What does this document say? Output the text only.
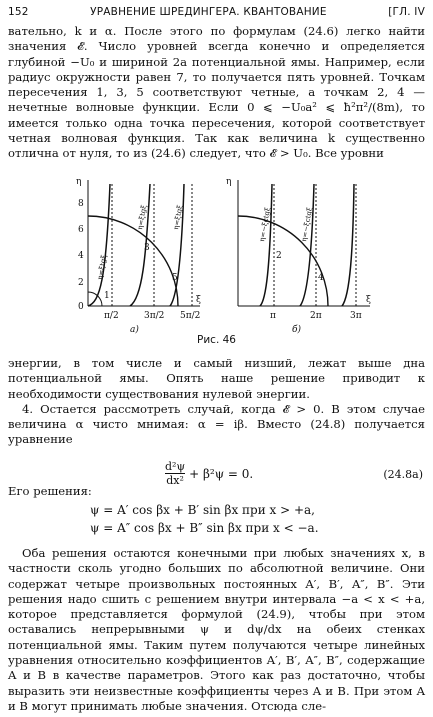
152	УРАВНЕНИЕ ШРЕДИНГЕРА. КВАНТОВАНИЕ	[ГЛ. IV
вательно, k и α. После этого по формулам (24.6) легко найти значения 𝓔. Число уровней всегда конечно и определяется глубиной −U₀ и шириной 2a потенциальной ямы. Например, если радиус окружности равен 7, то получается пять уровней. Точкам пересечения 1, 3, 5 соответствуют четные, а точкам 2, 4 — нечетные волновые функции. Если 0 ⩽ −U₀a² ⩽ ħ²π²/(8m), то имеется только одна точка пересечения, которой соответствует четная волновая функция. Так как величина k существенно отлична от нуля, то из (24.6) следует, что 𝓔 > U₀. Все уровни
η
0
2
4
6
8
π/2	3π/2 5π/2
ξ
1
3
5
а)
η=ξtgξ
η=ξtgξ	η=ξtgξ
η
π	2π	3π
ξ
2
4
б)
η=−ξctgξ	η=−ξctgξ
Рис. 46
энергии, в том числе и самый низший, лежат выше дна потенциальной ямы. Опять наше решение приводит к необходимости существования нулевой энергии.
4. Остается рассмотреть случай, когда 𝓔 > 0. В этом случае величина α чисто мнимая: α = iβ. Вместо (24.8) получается уравнение
$\frac{\text{d²ψ}}{\text{dx²}} + \beta^2\psi = 0$.	(24.8а)
Его решения:
ψ = A′ cos βx + B′ sin βx при x > +a,
ψ = A″ cos βx + B″ sin βx при x < −a.
Оба решения остаются конечными при любых значениях x, в частности сколь угодно больших по абсолютной величине. Они содержат четыре произвольных постоянных A′, B′, A″, B″. Эти решения надо сшить с решением внутри интервала −a < x < +a, которое представляется формулой (24.9), чтобы при этом оставались непрерывными ψ и dψ/dx на обеих стенках потенциальной ямы. Таким путем получаются четыре линейных уравнения относительно коэффициентов A′, B′, A″, B″, содержащие A и B в качестве параметров. Этого как раз достаточно, чтобы выразить эти неизвестные коэффициенты через A и B. При этом A и B могут принимать любые значения. Отсюда сле-
